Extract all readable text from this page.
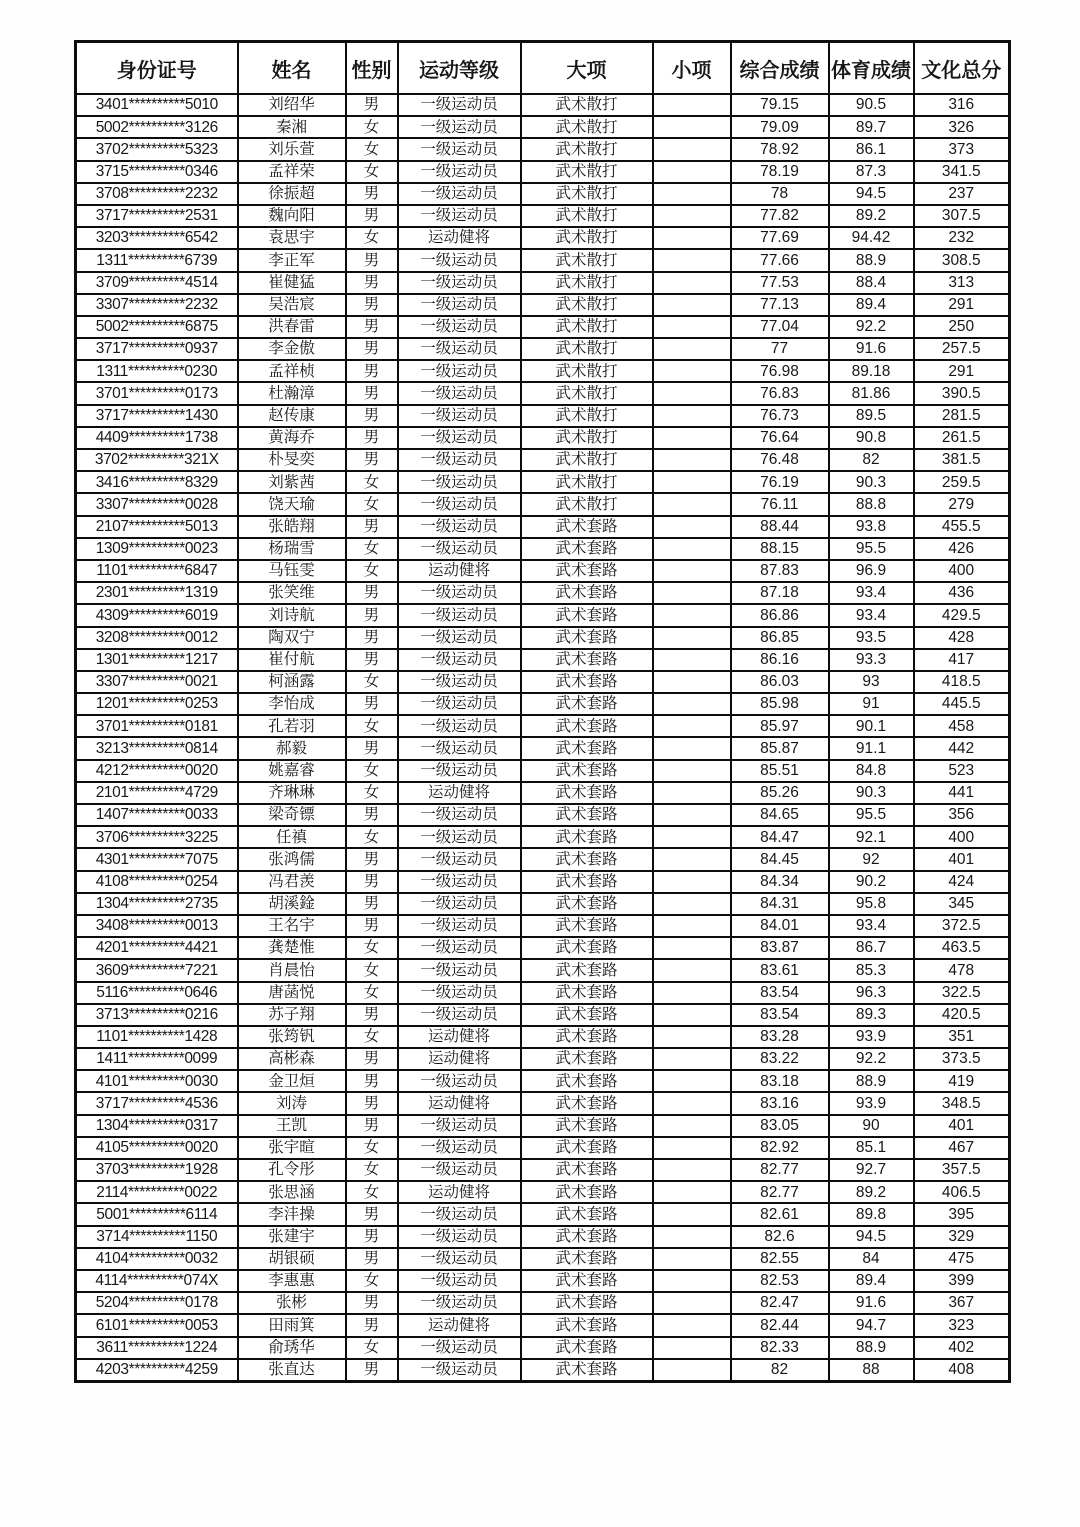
身份证号	姓名	性别	运动等级	大项	小项	综合成绩	体育成绩	文化总分
3401**********5010	刘绍华	男	一级运动员	武术散打		79.15	90.5	316
5002**********3126	秦湘	女	一级运动员	武术散打		79.09	89.7	326
3702**********5323	刘乐萱	女	一级运动员	武术散打		78.92	86.1	373
3715**********0346	孟祥荣	女	一级运动员	武术散打		78.19	87.3	341.5
3708**********2232	徐振超	男	一级运动员	武术散打		78	94.5	237
3717**********2531	魏向阳	男	一级运动员	武术散打		77.82	89.2	307.5
3203**********6542	袁思宇	女	运动健将	武术散打		77.69	94.42	232
1311**********6739	李正军	男	一级运动员	武术散打		77.66	88.9	308.5
3709**********4514	崔健猛	男	一级运动员	武术散打		77.53	88.4	313
3307**********2232	吴浩宸	男	一级运动员	武术散打		77.13	89.4	291
5002**********6875	洪春雷	男	一级运动员	武术散打		77.04	92.2	250
3717**********0937	李金傲	男	一级运动员	武术散打		77	91.6	257.5
1311**********0230	孟祥桢	男	一级运动员	武术散打		76.98	89.18	291
3701**********0173	杜瀚漳	男	一级运动员	武术散打		76.83	81.86	390.5
3717**********1430	赵传康	男	一级运动员	武术散打		76.73	89.5	281.5
4409**********1738	黄海乔	男	一级运动员	武术散打		76.64	90.8	261.5
3702**********321X	朴旻奕	男	一级运动员	武术散打		76.48	82	381.5
3416**********8329	刘紫茜	女	一级运动员	武术散打		76.19	90.3	259.5
3307**********0028	饶天瑜	女	一级运动员	武术散打		76.11	88.8	279
2107**********5013	张皓翔	男	一级运动员	武术套路		88.44	93.8	455.5
1309**********0023	杨瑞雪	女	一级运动员	武术套路		88.15	95.5	426
1101**********6847	马钰雯	女	运动健将	武术套路		87.83	96.9	400
2301**********1319	张笑维	男	一级运动员	武术套路		87.18	93.4	436
4309**********6019	刘诗航	男	一级运动员	武术套路		86.86	93.4	429.5
3208**********0012	陶双宁	男	一级运动员	武术套路		86.85	93.5	428
1301**********1217	崔付航	男	一级运动员	武术套路		86.16	93.3	417
3307**********0021	柯涵露	女	一级运动员	武术套路		86.03	93	418.5
1201**********0253	李怡成	男	一级运动员	武术套路		85.98	91	445.5
3701**********0181	孔若羽	女	一级运动员	武术套路		85.97	90.1	458
3213**********0814	郝毅	男	一级运动员	武术套路		85.87	91.1	442
4212**********0020	姚嘉睿	女	一级运动员	武术套路		85.51	84.8	523
2101**********4729	齐琳琳	女	运动健将	武术套路		85.26	90.3	441
1407**********0033	梁奇镖	男	一级运动员	武术套路		84.65	95.5	356
3706**********3225	任禛	女	一级运动员	武术套路		84.47	92.1	400
4301**********7075	张鸿儒	男	一级运动员	武术套路		84.45	92	401
4108**********0254	冯君羡	男	一级运动员	武术套路		84.34	90.2	424
1304**********2735	胡溪鍂	男	一级运动员	武术套路		84.31	95.8	345
3408**********0013	王名宇	男	一级运动员	武术套路		84.01	93.4	372.5
4201**********4421	龚楚惟	女	一级运动员	武术套路		83.87	86.7	463.5
3609**********7221	肖晨怡	女	一级运动员	武术套路		83.61	85.3	478
5116**********0646	唐菡悦	女	一级运动员	武术套路		83.54	96.3	322.5
3713**********0216	苏子翔	男	一级运动员	武术套路		83.54	89.3	420.5
1101**********1428	张筠钒	女	运动健将	武术套路		83.28	93.9	351
1411**********0099	高彬森	男	运动健将	武术套路		83.22	92.2	373.5
4101**********0030	金卫烜	男	一级运动员	武术套路		83.18	88.9	419
3717**********4536	刘涛	男	运动健将	武术套路		83.16	93.9	348.5
1304**********0317	王凯	男	一级运动员	武术套路		83.05	90	401
4105**********0020	张宇暄	女	一级运动员	武术套路		82.92	85.1	467
3703**********1928	孔令彤	女	一级运动员	武术套路		82.77	92.7	357.5
2114**********0022	张思涵	女	运动健将	武术套路		82.77	89.2	406.5
5001**********6114	李沣操	男	一级运动员	武术套路		82.61	89.8	395
3714**********1150	张建宇	男	一级运动员	武术套路		82.6	94.5	329
4104**********0032	胡银硕	男	一级运动员	武术套路		82.55	84	475
4114**********074X	李惠惠	女	一级运动员	武术套路		82.53	89.4	399
5204**********0178	张彬	男	一级运动员	武术套路		82.47	91.6	367
6101**********0053	田雨箕	男	运动健将	武术套路		82.44	94.7	323
3611**********1224	俞琇华	女	一级运动员	武术套路		82.33	88.9	402
4203**********4259	张直达	男	一级运动员	武术套路		82	88	408
